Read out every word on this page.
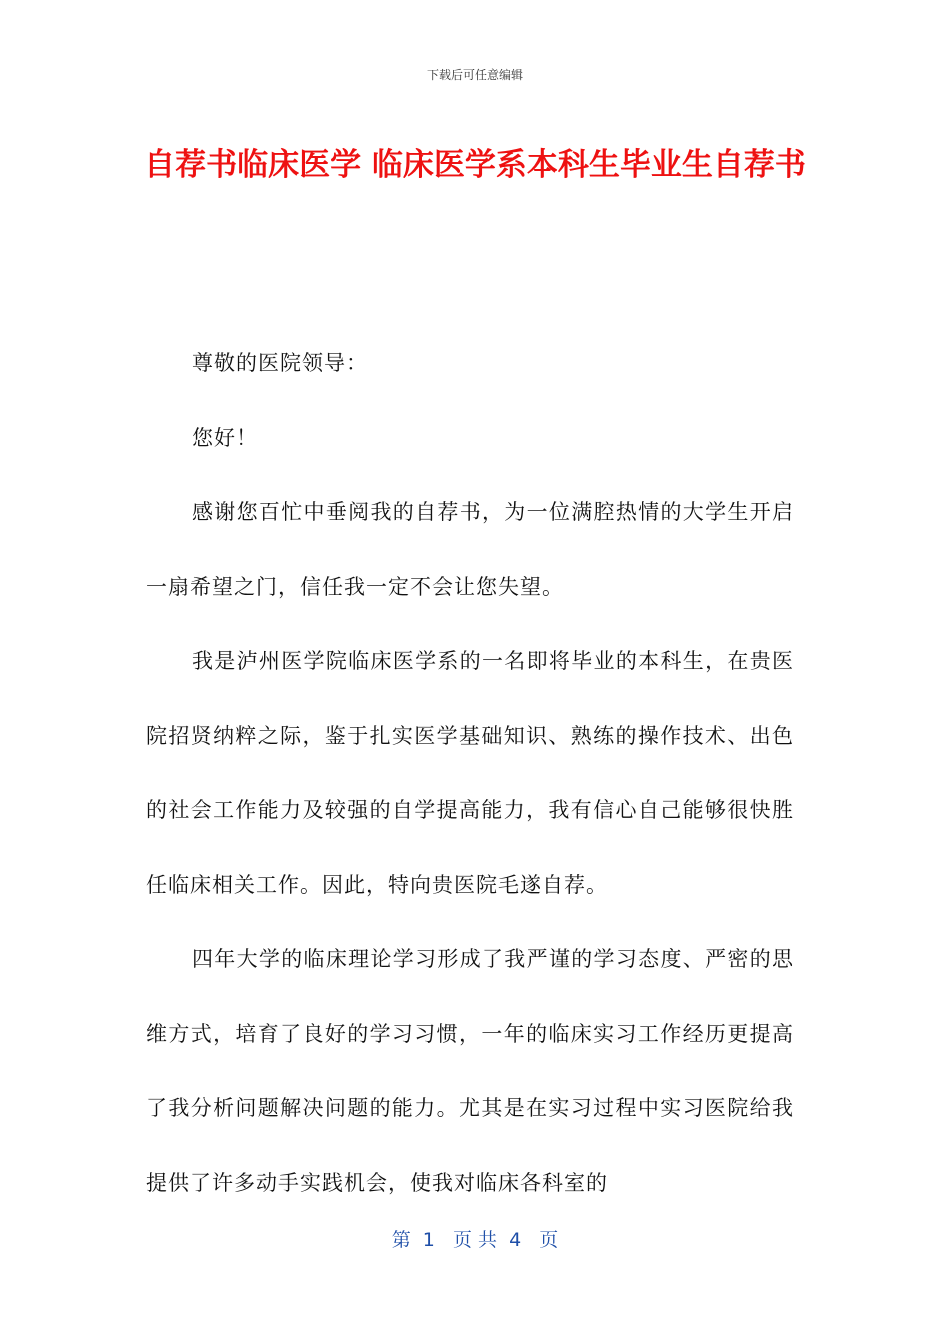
下载后可任意编辑
自荐书临床医学 临床医学系本科生毕业生自荐书

尊敬的医院领导：

您好！

感谢您百忙中垂阅我的自荐书，为一位满腔热情的大学生开启一扇希望之门，信任我一定不会让您失望。

我是泸州医学院临床医学系的一名即将毕业的本科生，在贵医院招贤纳粹之际，鉴于扎实医学基础知识、熟练的操作技术、出色的社会工作能力及较强的自学提高能力，我有信心自己能够很快胜任临床相关工作。因此，特向贵医院毛遂自荐。

四年大学的临床理论学习形成了我严谨的学习态度、严密的思维方式，培育了良好的学习习惯，一年的临床实习工作经历更提高了我分析问题解决问题的能力。尤其是在实习过程中实习医院给我提供了许多动手实践机会，使我对临床各科室的

第  1   页 共  4   页
